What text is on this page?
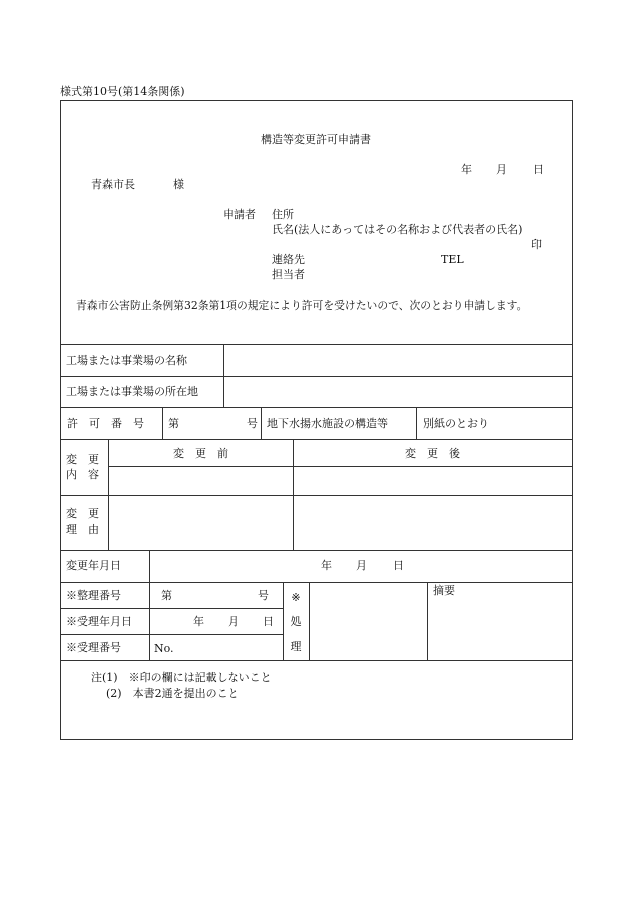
様式第10号(第14条関係)
構造等変更許可申請書
年 月 日
青森市長	様
申請者 住所
氏名(法人にあってはその名称および代表者の氏名)
印
連絡先	TEL
担当者
青森市公害防止条例第32条第1項の規定により許可を受けたいので、次のとおり申請します。
工場または事業場の名称
工場または事業場の所在地
許　可　番　号 第	号 地下水揚水施設の構造等	別紙のとおり
変　更
内　容
変　更　前	変　更　後
変　更
理　由
変更年月日	年 月 日
※整理番号	第	号
※受理年月日	年 月 日
※受理番号	No.
※
処
理
摘要
注(1)　※印の欄には記載しないこと
(2)　本書2通を提出のこと
